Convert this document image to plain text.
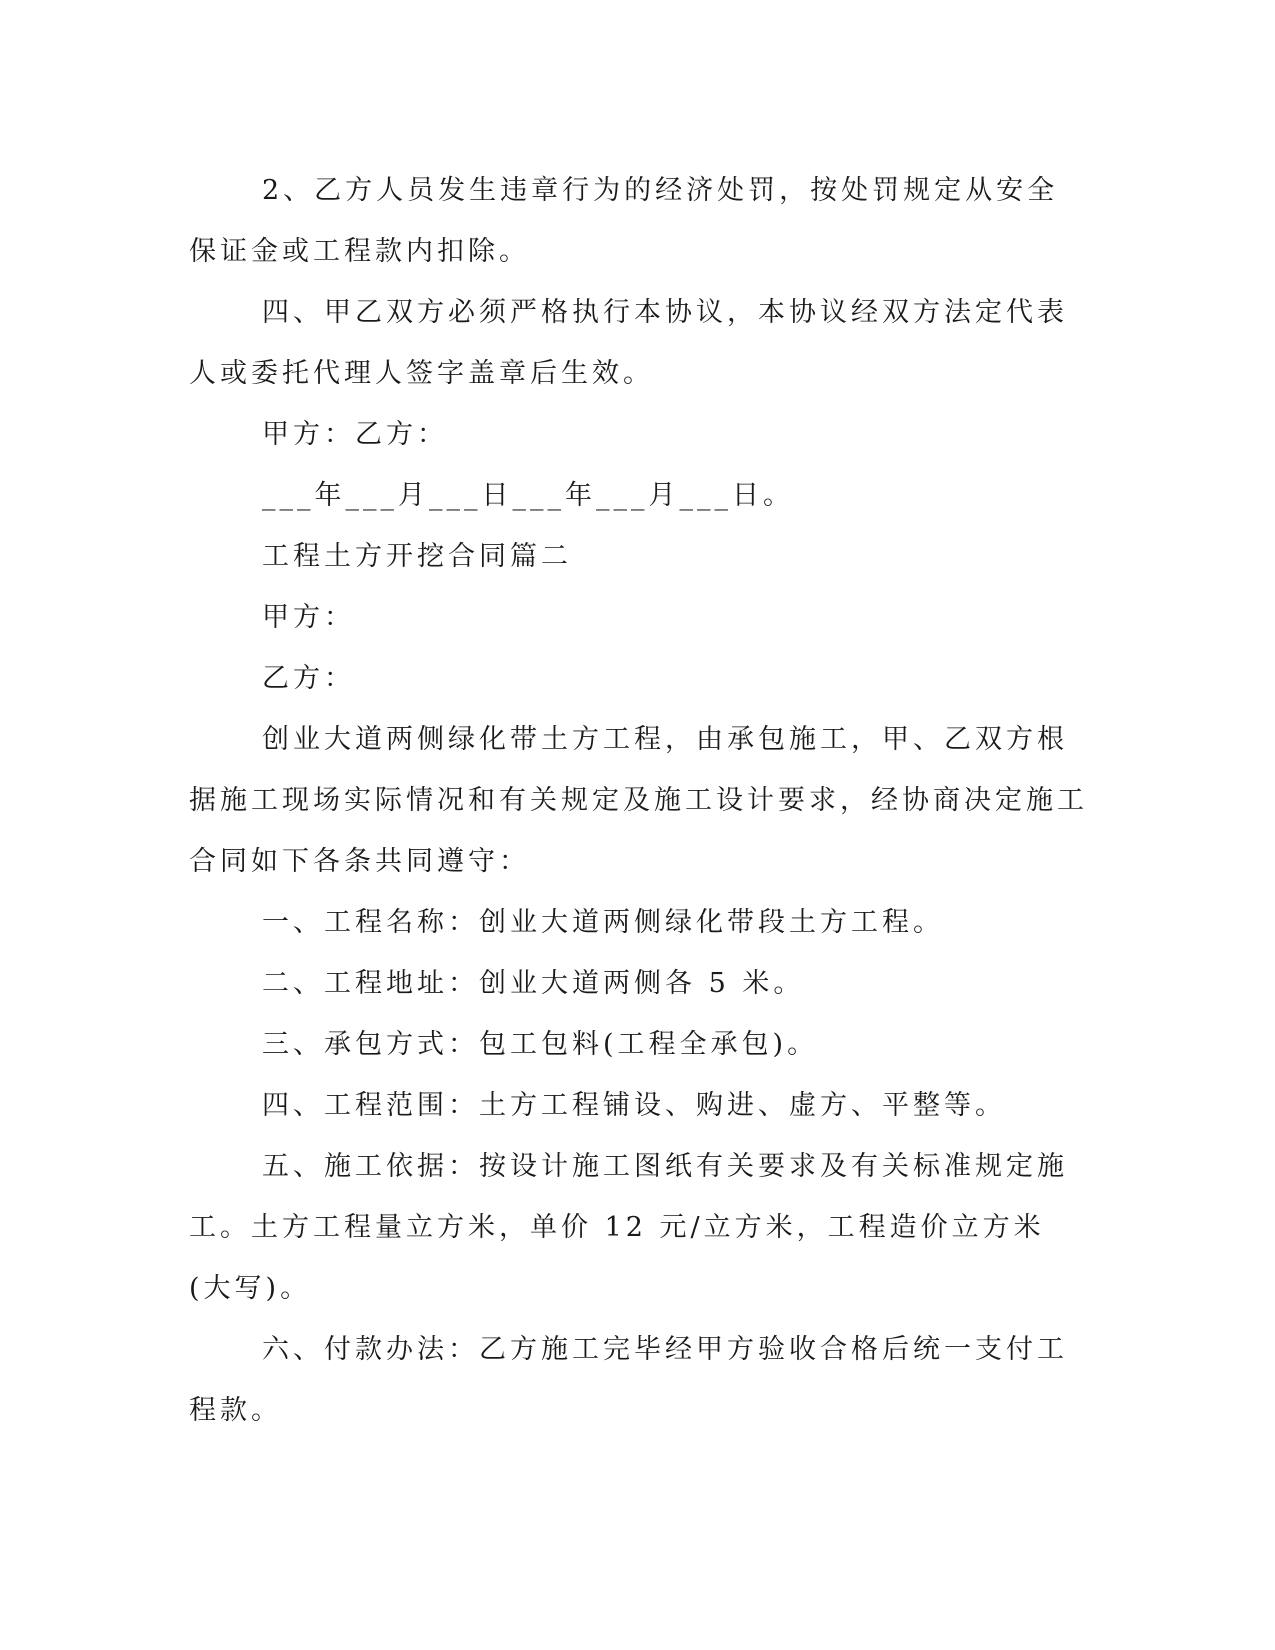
2、乙方人员发生违章行为的经济处罚，按处罚规定从安全保证金或工程款内扣除。

四、甲乙双方必须严格执行本协议，本协议经双方法定代表人或委托代理人签字盖章后生效。

甲方：乙方：

___年___月___日___年___月___日。

工程土方开挖合同篇二

甲方：

乙方：

创业大道两侧绿化带土方工程，由承包施工，甲、乙双方根据施工现场实际情况和有关规定及施工设计要求，经协商决定施工合同如下各条共同遵守：

一、工程名称：创业大道两侧绿化带段土方工程。

二、工程地址：创业大道两侧各 5 米。

三、承包方式：包工包料(工程全承包)。

四、工程范围：土方工程铺设、购进、虚方、平整等。

五、施工依据：按设计施工图纸有关要求及有关标准规定施工。土方工程量立方米，单价 12 元/立方米，工程造价立方米(大写)。

六、付款办法：乙方施工完毕经甲方验收合格后统一支付工程款。
